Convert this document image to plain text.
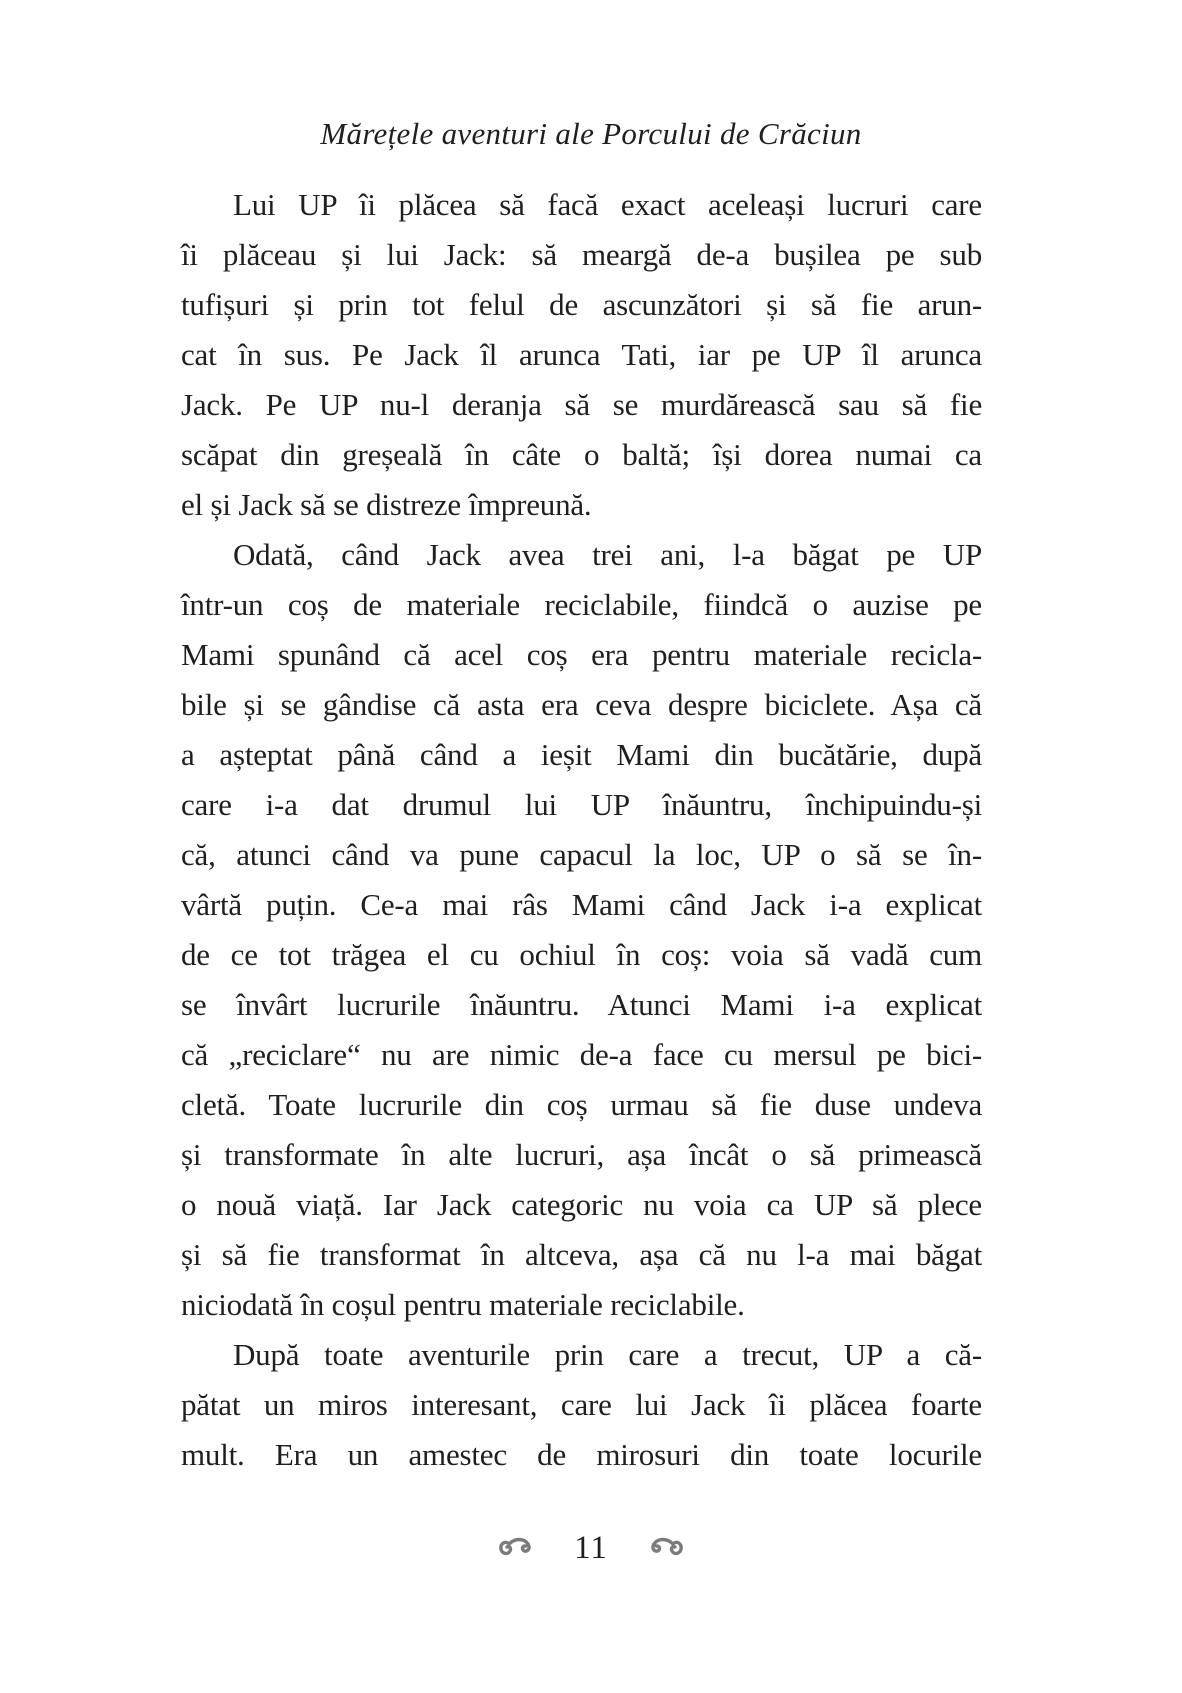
Mărețele aventuri ale Porcului de Crăciun
Lui UP îi plăcea să facă exact aceleași lucruri care
îi plăceau și lui Jack: să meargă de-a bușilea pe sub
tufișuri și prin tot felul de ascunzători și să fie arun-
cat în sus. Pe Jack îl arunca Tati, iar pe UP îl arunca
Jack. Pe UP nu-l deranja să se murdărească sau să fie
scăpat din greșeală în câte o baltă; își dorea numai ca
el și Jack să se distreze împreună.
Odată, când Jack avea trei ani, l-a băgat pe UP
într-un coș de materiale reciclabile, fiindcă o auzise pe
Mami spunând că acel coș era pentru materiale recicla-
bile și se gândise că asta era ceva despre biciclete. Așa că
a așteptat până când a ieșit Mami din bucătărie, după
care i-a dat drumul lui UP înăuntru, închipuindu-și
că, atunci când va pune capacul la loc, UP o să se în-
vârtă puțin. Ce-a mai râs Mami când Jack i-a explicat
de ce tot trăgea el cu ochiul în coș: voia să vadă cum
se învârt lucrurile înăuntru. Atunci Mami i-a explicat
că „reciclare“ nu are nimic de-a face cu mersul pe bici-
cletă. Toate lucrurile din coș urmau să fie duse undeva
și transformate în alte lucruri, așa încât o să primească
o nouă viață. Iar Jack categoric nu voia ca UP să plece
și să fie transformat în altceva, așa că nu l-a mai băgat
niciodată în coșul pentru materiale reciclabile.
După toate aventurile prin care a trecut, UP a că-
pătat un miros interesant, care lui Jack îi plăcea foarte
mult. Era un amestec de mirosuri din toate locurile
11
